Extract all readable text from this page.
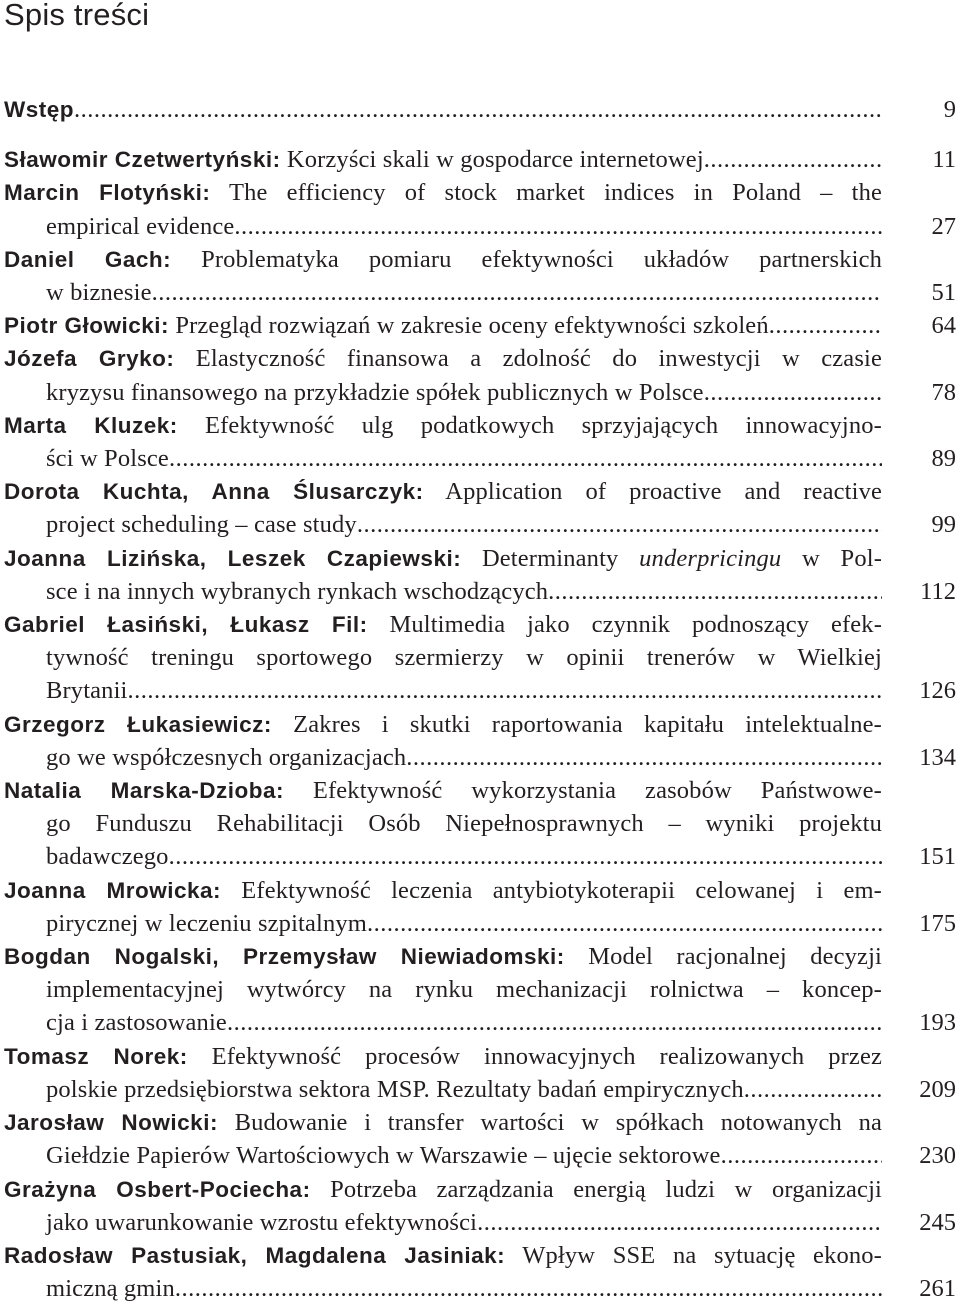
Spis treści
Wstęp .....	9
Sławomir Czetwertyński: Korzyści skali w gospodarce internetowej .....	11
Marcin Flotyński: The efficiency of stock market indices in Poland – the
empirical evidence .....	27
Daniel Gach: Problematyka pomiaru efektywności układów partnerskich
w biznesie .....	51
Piotr Głowicki: Przegląd rozwiązań w zakresie oceny efektywności szkoleń .....	64
Józefa Gryko: Elastyczność finansowa a zdolność do inwestycji w czasie
kryzysu finansowego na przykładzie spółek publicznych w Polsce .....	78
Marta Kluzek: Efektywność ulg podatkowych sprzyjających innowacyjno-
ści w Polsce .....	89
Dorota Kuchta, Anna Ślusarczyk: Application of proactive and reactive
project scheduling – case study .....	99
Joanna Lizińska, Leszek Czapiewski: Determinanty underpricingu w Pol-
sce i na innych wybranych rynkach wschodzących .....	112
Gabriel Łasiński, Łukasz Fil: Multimedia jako czynnik podnoszący efek-
tywność treningu sportowego szermierzy w opinii trenerów w Wielkiej
Brytanii .....	126
Grzegorz Łukasiewicz: Zakres i skutki raportowania kapitału intelektualne-
go we współczesnych organizacjach .....	134
Natalia Marska-Dzioba: Efektywność wykorzystania zasobów Państwowe-
go Funduszu Rehabilitacji Osób Niepełnosprawnych – wyniki projektu
badawczego .....	151
Joanna Mrowicka: Efektywność leczenia antybiotykoterapii celowanej i em-
pirycznej w leczeniu szpitalnym .....	175
Bogdan Nogalski, Przemysław Niewiadomski: Model racjonalnej decyzji
implementacyjnej wytwórcy na rynku mechanizacji rolnictwa – koncep-
cja i zastosowanie .....	193
Tomasz Norek: Efektywność procesów innowacyjnych realizowanych przez
polskie przedsiębiorstwa sektora MSP. Rezultaty badań empirycznych .....	209
Jarosław Nowicki: Budowanie i transfer wartości w spółkach notowanych na
Giełdzie Papierów Wartościowych w Warszawie – ujęcie sektorowe .....	230
Grażyna Osbert-Pociecha: Potrzeba zarządzania energią ludzi w organizacji
jako uwarunkowanie wzrostu efektywności .....	245
Radosław Pastusiak, Magdalena Jasiniak: Wpływ SSE na sytuację ekono-
miczną gmin .....	261
